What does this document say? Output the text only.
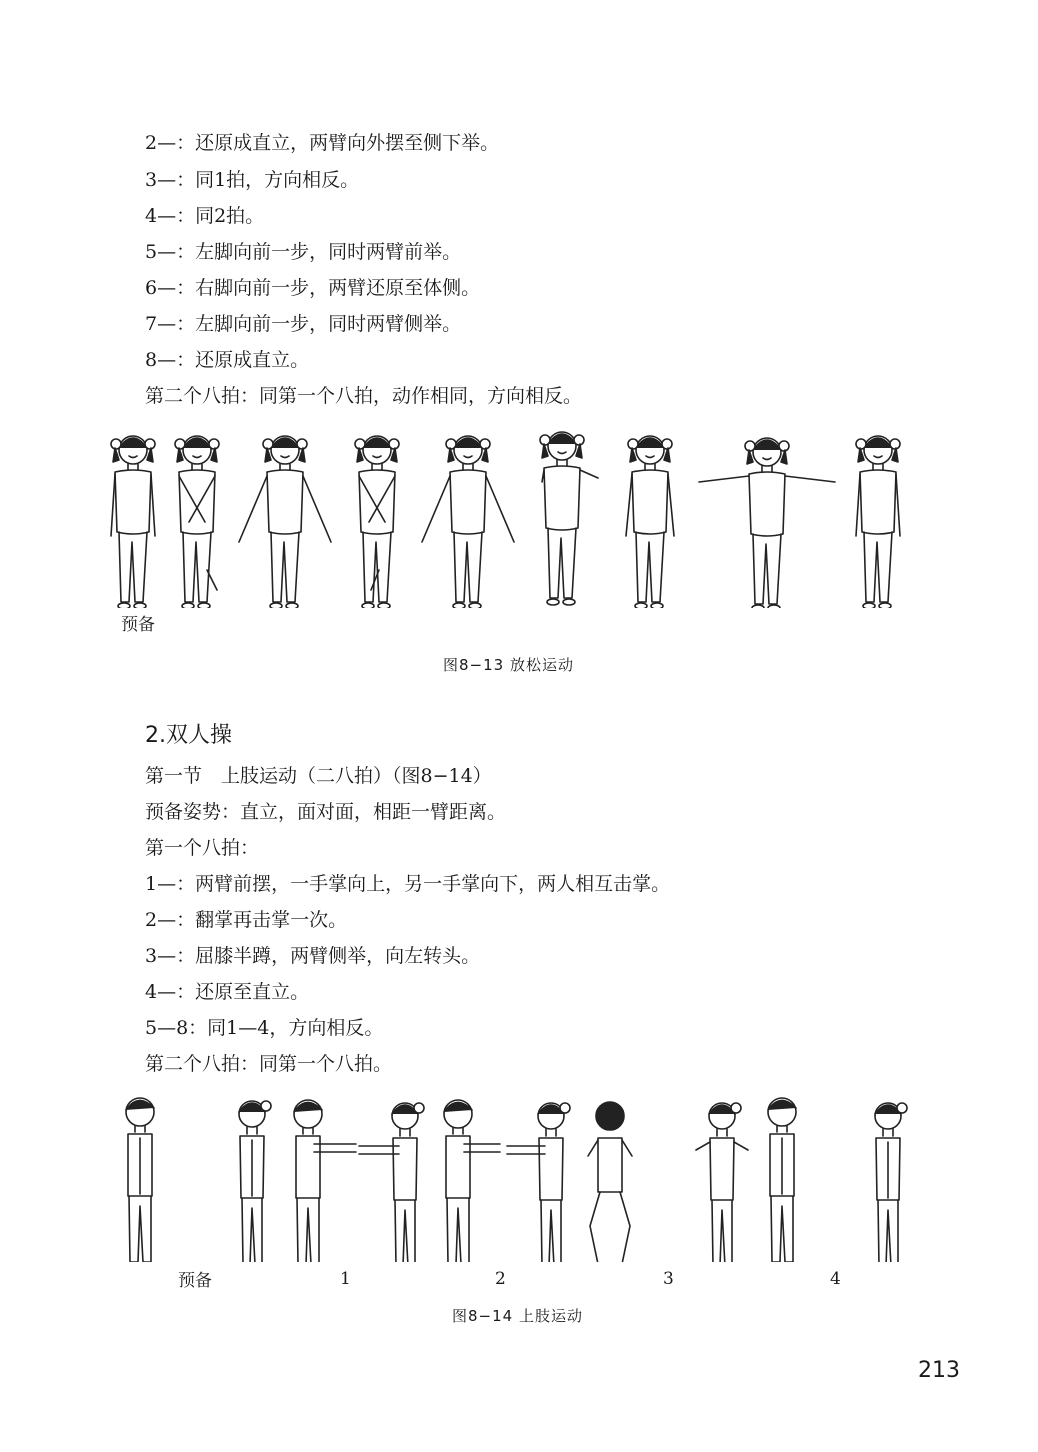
2—：还原成直立，两臂向外摆至侧下举。
3—：同1拍，方向相反。
4—：同2拍。
5—：左脚向前一步，同时两臂前举。
6—：右脚向前一步，两臂还原至体侧。
7—：左脚向前一步，同时两臂侧举。
8—：还原成直立。
第二个八拍：同第一个八拍，动作相同，方向相反。
预备
图8−13 放松运动
2.双人操
第一节　上肢运动（二八拍）（图8−14）
预备姿势：直立，面对面，相距一臂距离。
第一个八拍：
1—：两臂前摆，一手掌向上，另一手掌向下，两人相互击掌。
2—：翻掌再击掌一次。
3—：屈膝半蹲，两臂侧举，向左转头。
4—：还原至直立。
5—8：同1—4，方向相反。
第二个八拍：同第一个八拍。
预备	1	2	3	4
图8−14 上肢运动
213
